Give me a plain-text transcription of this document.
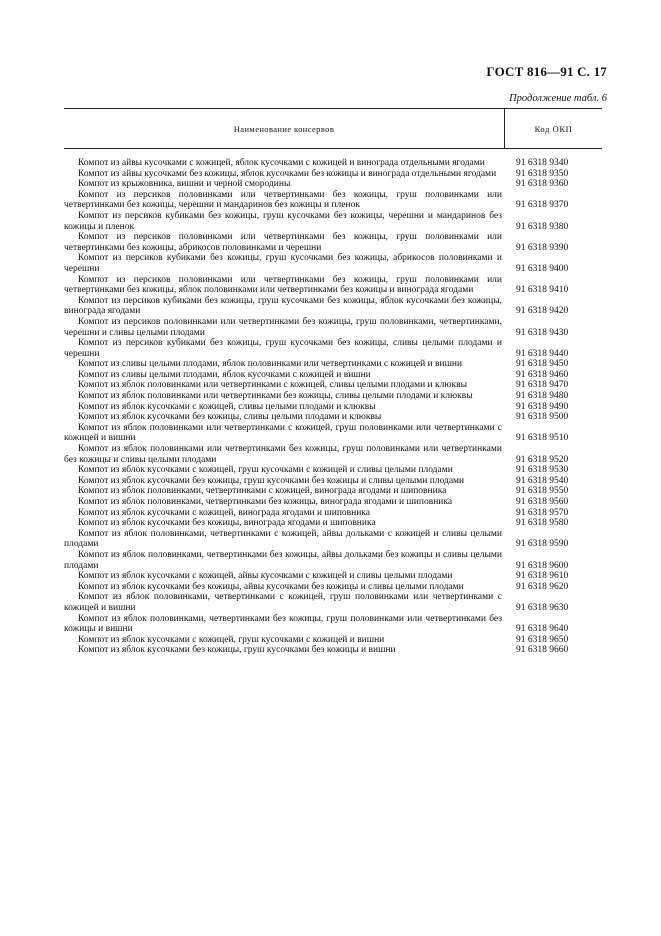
ГОСТ 816—91 С. 17
Продолжение табл. 6
Наименование консервов	Код ОКП
Компот из айвы кусочками с кожицей, яблок кусочками с кожицей и винограда отдельными ягодами	91 6318 9340
Компот из айвы кусочками без кожицы, яблок кусочками без кожицы и винограда отдельными ягодами	91 6318 9350
Компот из крыжовника, вишни и черной смородины	91 6318 9360
Компот из персиков половинками или четвертинками без кожицы, груш половинками или четвертинками без кожицы, черешни и мандаринов без кожицы и пленок	91 6318 9370
Компот из персиков кубиками без кожицы, груш кусочками без кожицы, черешни и мандаринов без кожицы и пленок	91 6318 9380
Компот из персиков половинками или четвертинками без кожицы, груш половинками или четвертинками без кожицы, абрикосов половинками и черешни	91 6318 9390
Компот из персиков кубиками без кожицы, груш кусочками без кожицы, абрикосов половинками и черешни	91 6318 9400
Компот из персиков половинками или четвертинками без кожицы, груш половинками или четвертинками без кожицы, яблок половинками или четвертинками без кожицы и винограда ягодами	91 6318 9410
Компот из персиков кубиками без кожицы, груш кусочками без кожицы, яблок кусочками без кожицы, винограда ягодами	91 6318 9420
Компот из персиков половинками или четвертинками без кожицы, груш половинками, четвертинками, черешни и сливы целыми плодами	91 6318 9430
Компот из персиков кубиками без кожицы, груш кусочками без кожицы, сливы целыми плодами и черешни	91 6318 9440
Компот из сливы целыми плодами, яблок половинками или четвертинками с кожицей и вишни	91 6318 9450
Компот из сливы целыми плодами, яблок кусочками с кожицей и вишни	91 6318 9460
Компот из яблок половинками или четвертинками с кожицей, сливы целыми плодами и клюквы	91 6318 9470
Компот из яблок половинками или четвертинками без кожицы, сливы целыми плодами и клюквы	91 6318 9480
Компот из яблок кусочками с кожицей, сливы целыми плодами и клюквы	91 6318 9490
Компот из яблок кусочками без кожицы, сливы целыми плодами и клюквы	91 6318 9500
Компот из яблок половинками или четвертинками с кожицей, груш половинками или четвертинками с кожицей и вишни	91 6318 9510
Компот из яблок половинками или четвертинками без кожицы, груш половинками или четвертинками без кожицы и сливы целыми плодами	91 6318 9520
Компот из яблок кусочками с кожицей, груш кусочками с кожицей и сливы целыми плодами	91 6318 9530
Компот из яблок кусочками без кожицы, груш кусочками без кожицы и сливы целыми плодами	91 6318 9540
Компот из яблок половинками, четвертинками с кожицей, винограда ягодами и шиповника	91 6318 9550
Компот из яблок половинками, четвертинками без кожицы, винограда ягодами и шиповника	91 6318 9560
Компот из яблок кусочками с кожицей, винограда ягодами и шиповника	91 6318 9570
Компот из яблок кусочками без кожицы, винограда ягодами и шиповника	91 6318 9580
Компот из яблок половинками, четвертинками с кожицей, айвы дольками с кожицей и сливы целыми плодами	91 6318 9590
Компот из яблок половинками, четвертинками без кожицы, айвы дольками без кожицы и сливы целыми плодами	91 6318 9600
Компот из яблок кусочками с кожицей, айвы кусочками с кожицей и сливы целыми плодами	91 6318 9610
Компот из яблок кусочками без кожицы, айвы кусочками без кожицы и сливы целыми плодами	91 6318 9620
Компот из яблок половинками, четвертинками с кожицей, груш половинками или четвертинками с кожицей и вишни	91 6318 9630
Компот из яблок половинками, четвертинками без кожицы, груш половинками или четвертинками без кожицы и вишни	91 6318 9640
Компот из яблок кусочками с кожицей, груш кусочками с кожицей и вишни	91 6318 9650
Компот из яблок кусочками без кожицы, груш кусочками без кожицы и вишни	91 6318 9660
